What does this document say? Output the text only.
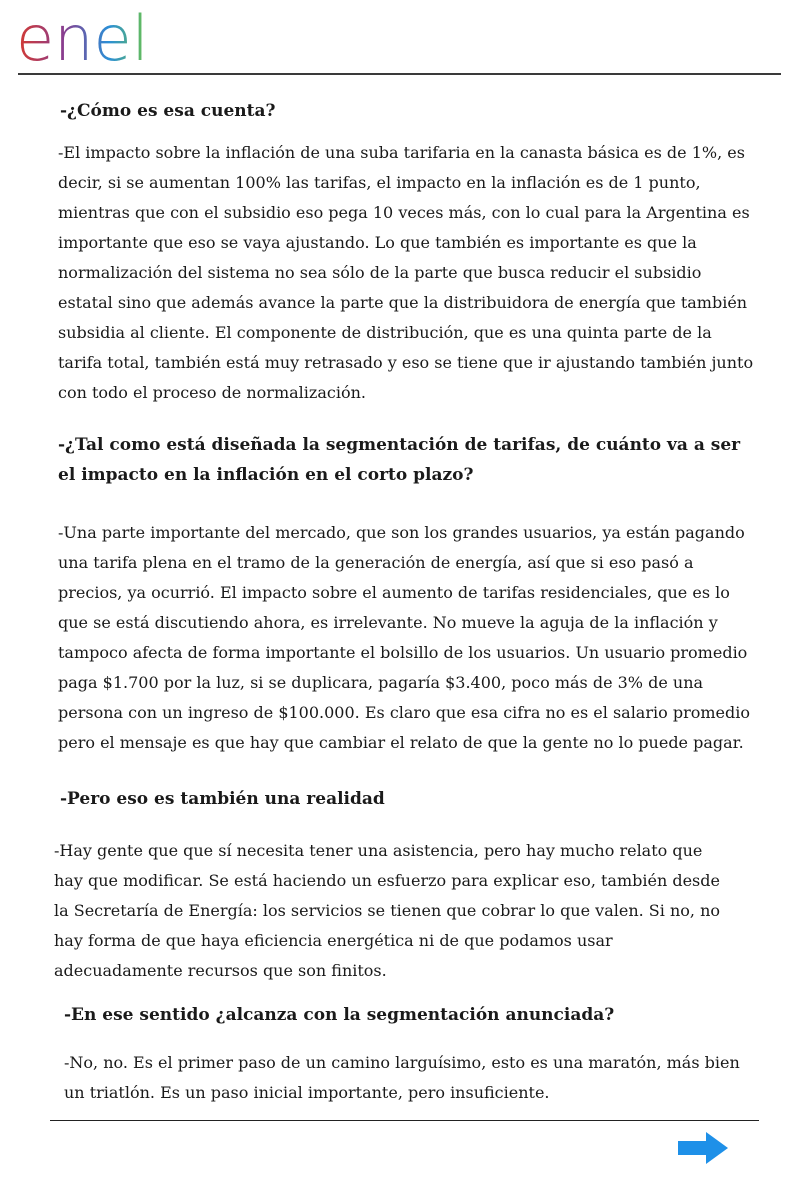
enel

-¿Cómo es esa cuenta?

-El impacto sobre la inflación de una suba tarifaria en la canasta básica es de 1%, es decir, si se aumentan 100% las tarifas, el impacto en la inflación es de 1 punto, mientras que con el subsidio eso pega 10 veces más, con lo cual para la Argentina es importante que eso se vaya ajustando. Lo que también es importante es que la normalización del sistema no sea sólo de la parte que busca reducir el subsidio estatal sino que además avance la parte que la distribuidora de energía que también subsidia al cliente. El componente de distribución, que es una quinta parte de la tarifa total, también está muy retrasado y eso se tiene que ir ajustando también junto con todo el proceso de normalización.

-¿Tal como está diseñada la segmentación de tarifas, de cuánto va a ser el impacto en la inflación en el corto plazo?

-Una parte importante del mercado, que son los grandes usuarios, ya están pagando una tarifa plena en el tramo de la generación de energía, así que si eso pasó a precios, ya ocurrió. El impacto sobre el aumento de tarifas residenciales, que es lo que se está discutiendo ahora, es irrelevante. No mueve la aguja de la inflación y tampoco afecta de forma importante el bolsillo de los usuarios. Un usuario promedio paga $1.700 por la luz, si se duplicara, pagaría $3.400, poco más de 3% de una persona con un ingreso de $100.000. Es claro que esa cifra no es el salario promedio pero el mensaje es que hay que cambiar el relato de que la gente no lo puede pagar.

-Pero eso es también una realidad

-Hay gente que que sí necesita tener una asistencia, pero hay mucho relato que hay que modificar. Se está haciendo un esfuerzo para explicar eso, también desde la Secretaría de Energía: los servicios se tienen que cobrar lo que valen. Si no, no hay forma de que haya eficiencia energética ni de que podamos usar adecuadamente recursos que son finitos.

-En ese sentido ¿alcanza con la segmentación anunciada?

-No, no. Es el primer paso de un camino larguísimo, esto es una maratón, más bien un triatlón. Es un paso inicial importante, pero insuficiente.
